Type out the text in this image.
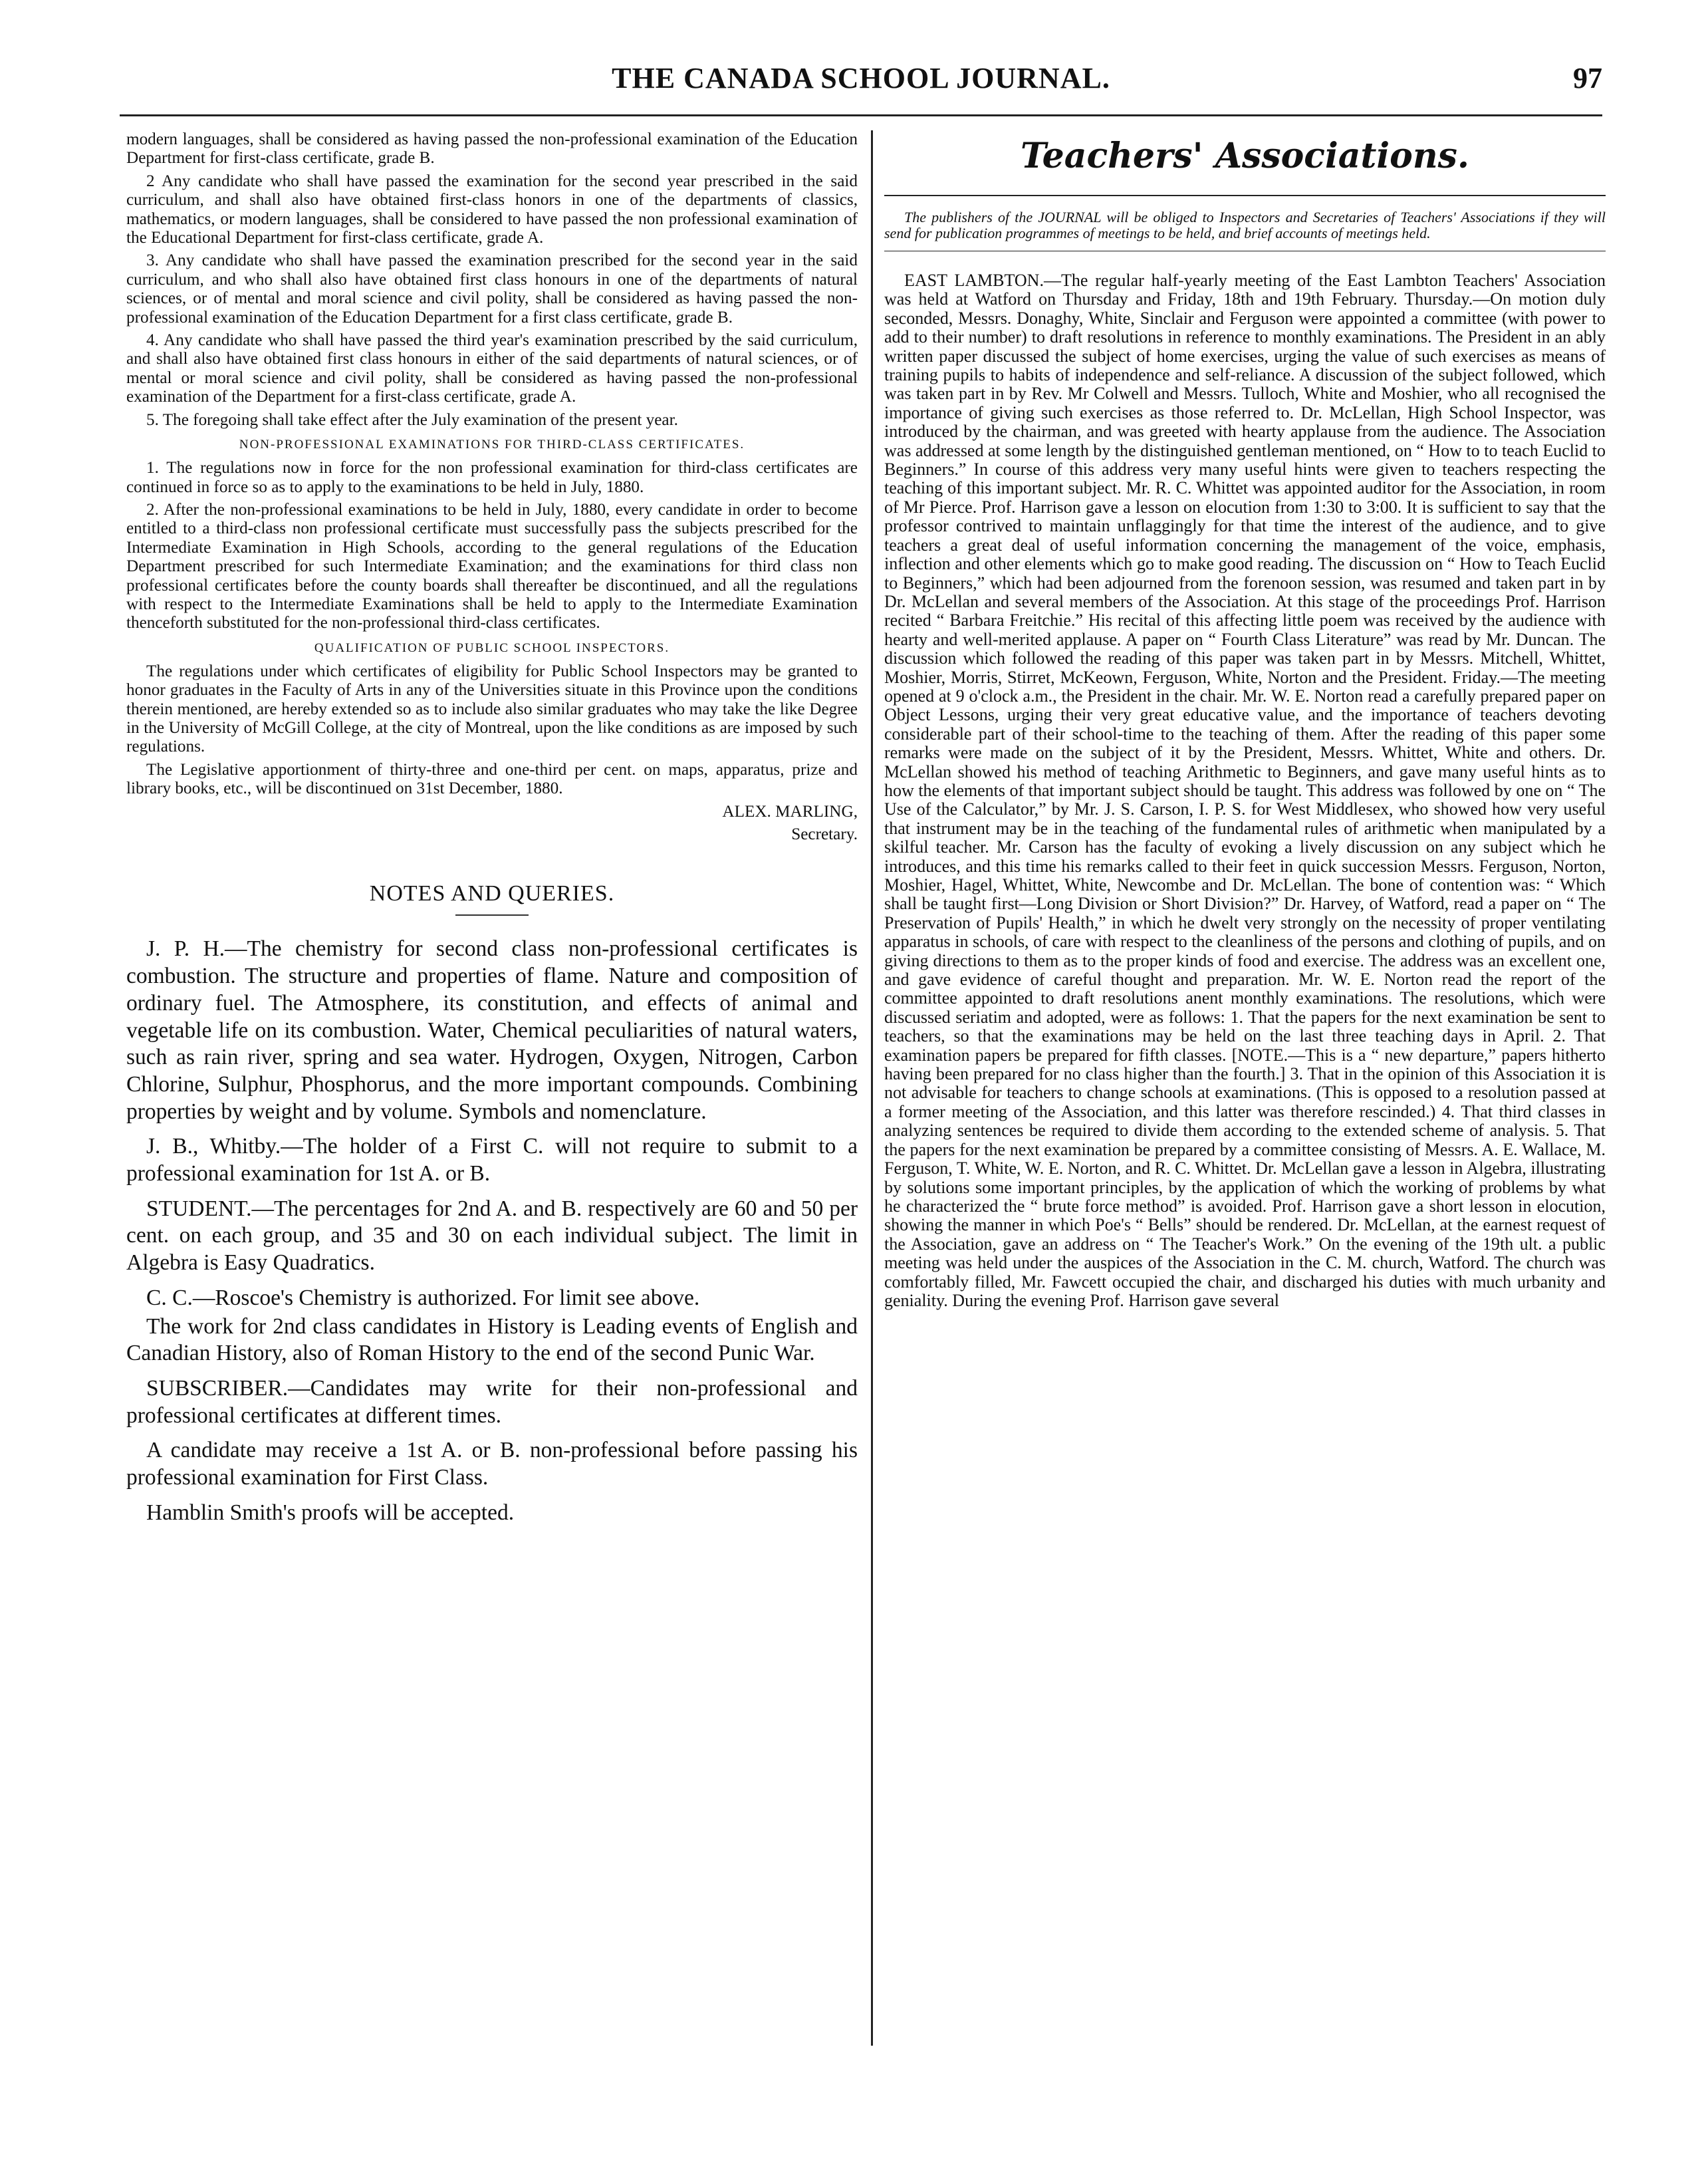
THE CANADA SCHOOL JOURNAL.	97

modern languages, shall be considered as having passed the non-professional examination of the Education Department for first-class certificate, grade B.

2 Any candidate who shall have passed the examination for the second year prescribed in the said curriculum, and shall also have obtained first-class honors in one of the departments of classics, mathematics, or modern languages, shall be considered to have passed the non professional examination of the Educational Department for first-class certificate, grade A.

3. Any candidate who shall have passed the examination prescribed for the second year in the said curriculum, and who shall also have obtained first class honours in one of the departments of natural sciences, or of mental and moral science and civil polity, shall be considered as having passed the non-professional examination of the Education Department for a first class certificate, grade B.

4. Any candidate who shall have passed the third year's examination prescribed by the said curriculum, and shall also have obtained first class honours in either of the said departments of natural sciences, or of mental or moral science and civil polity, shall be considered as having passed the non-professional examination of the Department for a first-class certificate, grade A.

5. The foregoing shall take effect after the July examination of the present year.

NON-PROFESSIONAL EXAMINATIONS FOR THIRD-CLASS CERTIFICATES.

1. The regulations now in force for the non professional examination for third-class certificates are continued in force so as to apply to the examinations to be held in July, 1880.

2. After the non-professional examinations to be held in July, 1880, every candidate in order to become entitled to a third-class non professional certificate must successfully pass the subjects prescribed for the Intermediate Examination in High Schools, according to the general regulations of the Education Department prescribed for such Intermediate Examination; and the examinations for third class non professional certificates before the county boards shall thereafter be discontinued, and all the regulations with respect to the Intermediate Examinations shall be held to apply to the Intermediate Examination thenceforth substituted for the non-professional third-class certificates.

QUALIFICATION OF PUBLIC SCHOOL INSPECTORS.

The regulations under which certificates of eligibility for Public School Inspectors may be granted to honor graduates in the Faculty of Arts in any of the Universities situate in this Province upon the conditions therein mentioned, are hereby extended so as to include also similar graduates who may take the like Degree in the University of McGill College, at the city of Montreal, upon the like conditions as are imposed by such regulations.

The Legislative apportionment of thirty-three and one-third per cent. on maps, apparatus, prize and library books, etc., will be discontinued on 31st December, 1880.

ALEX. MARLING,

Secretary.

NOTES AND QUERIES.

J. P. H.—The chemistry for second class non-professional certificates is combustion. The structure and properties of flame. Nature and composition of ordinary fuel. The Atmosphere, its constitution, and effects of animal and vegetable life on its combustion. Water, Chemical peculiarities of natural waters, such as rain river, spring and sea water. Hydrogen, Oxygen, Nitrogen, Carbon Chlorine, Sulphur, Phosphorus, and the more important compounds. Combining properties by weight and by volume. Symbols and nomenclature.

J. B., Whitby.—The holder of a First C. will not require to submit to a professional examination for 1st A. or B.

STUDENT.—The percentages for 2nd A. and B. respectively are 60 and 50 per cent. on each group, and 35 and 30 on each individual subject. The limit in Algebra is Easy Quadratics.

C. C.—Roscoe's Chemistry is authorized. For limit see above.

The work for 2nd class candidates in History is Leading events of English and Canadian History, also of Roman History to the end of the second Punic War.

SUBSCRIBER.—Candidates may write for their non-professional and professional certificates at different times.

A candidate may receive a 1st A. or B. non-professional before passing his professional examination for First Class.

Hamblin Smith's proofs will be accepted.

Teachers' Associations.

The publishers of the JOURNAL will be obliged to Inspectors and Secretaries of Teachers' Associations if they will send for publication programmes of meetings to be held, and brief accounts of meetings held.

EAST LAMBTON.—The regular half-yearly meeting of the East Lambton Teachers' Association was held at Watford on Thursday and Friday, 18th and 19th February. Thursday.—On motion duly seconded, Messrs. Donaghy, White, Sinclair and Ferguson were appointed a committee (with power to add to their number) to draft resolutions in reference to monthly examinations. The President in an ably written paper discussed the subject of home exercises, urging the value of such exercises as means of training pupils to habits of independence and self-reliance. A discussion of the subject followed, which was taken part in by Rev. Mr Colwell and Messrs. Tulloch, White and Moshier, who all recognised the importance of giving such exercises as those referred to. Dr. McLellan, High School Inspector, was introduced by the chairman, and was greeted with hearty applause from the audience. The Association was addressed at some length by the distinguished gentleman mentioned, on “ How to to teach Euclid to Beginners.” In course of this address very many useful hints were given to teachers respecting the teaching of this important subject. Mr. R. C. Whittet was appointed auditor for the Association, in room of Mr Pierce. Prof. Harrison gave a lesson on elocution from 1:30 to 3:00. It is sufficient to say that the professor contrived to maintain unflaggingly for that time the interest of the audience, and to give teachers a great deal of useful information concerning the management of the voice, emphasis, inflection and other elements which go to make good reading. The discussion on “ How to Teach Euclid to Beginners,” which had been adjourned from the forenoon session, was resumed and taken part in by Dr. McLellan and several members of the Association. At this stage of the proceedings Prof. Harrison recited “ Barbara Freitchie.” His recital of this affecting little poem was received by the audience with hearty and well-merited applause. A paper on “ Fourth Class Literature” was read by Mr. Duncan. The discussion which followed the reading of this paper was taken part in by Messrs. Mitchell, Whittet, Moshier, Morris, Stirret, McKeown, Ferguson, White, Norton and the President. Friday.—The meeting opened at 9 o'clock a.m., the President in the chair. Mr. W. E. Norton read a carefully prepared paper on Object Lessons, urging their very great educative value, and the importance of teachers devoting considerable part of their school-time to the teaching of them. After the reading of this paper some remarks were made on the subject of it by the President, Messrs. Whittet, White and others. Dr. McLellan showed his method of teaching Arithmetic to Beginners, and gave many useful hints as to how the elements of that important subject should be taught. This address was followed by one on “ The Use of the Calculator,” by Mr. J. S. Carson, I. P. S. for West Middlesex, who showed how very useful that instrument may be in the teaching of the fundamental rules of arithmetic when manipulated by a skilful teacher. Mr. Carson has the faculty of evoking a lively discussion on any subject which he introduces, and this time his remarks called to their feet in quick succession Messrs. Ferguson, Norton, Moshier, Hagel, Whittet, White, Newcombe and Dr. McLellan. The bone of contention was: “ Which shall be taught first—Long Division or Short Division?” Dr. Harvey, of Watford, read a paper on “ The Preservation of Pupils' Health,” in which he dwelt very strongly on the necessity of proper ventilating apparatus in schools, of care with respect to the cleanliness of the persons and clothing of pupils, and on giving directions to them as to the proper kinds of food and exercise. The address was an excellent one, and gave evidence of careful thought and preparation. Mr. W. E. Norton read the report of the committee appointed to draft resolutions anent monthly examinations. The resolutions, which were discussed seriatim and adopted, were as follows: 1. That the papers for the next examination be sent to teachers, so that the examinations may be held on the last three teaching days in April. 2. That examination papers be prepared for fifth classes. [NOTE.—This is a “ new departure,” papers hitherto having been prepared for no class higher than the fourth.] 3. That in the opinion of this Association it is not advisable for teachers to change schools at examinations. (This is opposed to a resolution passed at a former meeting of the Association, and this latter was therefore rescinded.) 4. That third classes in analyzing sentences be required to divide them according to the extended scheme of analysis. 5. That the papers for the next examination be prepared by a committee consisting of Messrs. A. E. Wallace, M. Ferguson, T. White, W. E. Norton, and R. C. Whittet. Dr. McLellan gave a lesson in Algebra, illustrating by solutions some important principles, by the application of which the working of problems by what he characterized the “ brute force method” is avoided. Prof. Harrison gave a short lesson in elocution, showing the manner in which Poe's “ Bells” should be rendered. Dr. McLellan, at the earnest request of the Association, gave an address on “ The Teacher's Work.” On the evening of the 19th ult. a public meeting was held under the auspices of the Association in the C. M. church, Watford. The church was comfortably filled, Mr. Fawcett occupied the chair, and discharged his duties with much urbanity and geniality. During the evening Prof. Harrison gave several
